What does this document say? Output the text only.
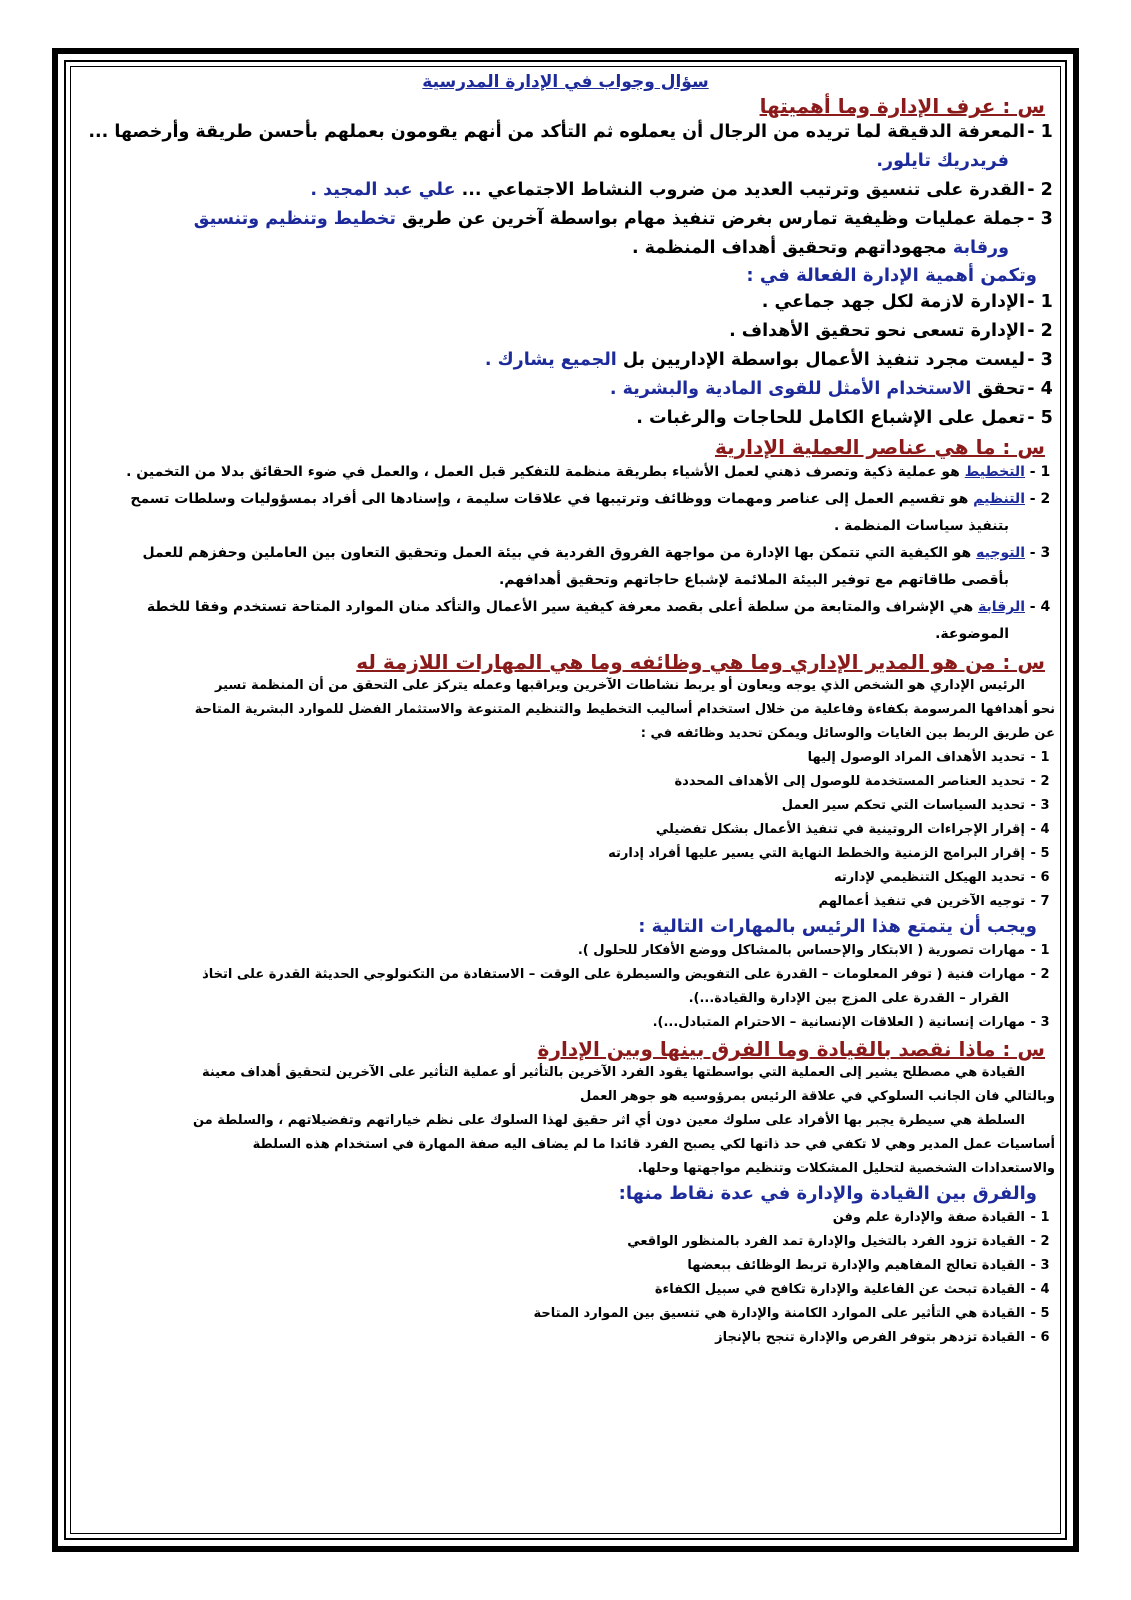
سؤال وجواب في الإدارة المدرسية
س : عرف الإدارة وما أهميتها
1 -
المعرفة الدقيقة لما تريده من الرجال أن يعملوه ثم التأكد من أنهم يقومون بعملهم بأحسن طريقة وأرخصها ...
فريدريك تايلور.
2 -
القدرة على تنسيق وترتيب العديد من ضروب النشاط الاجتماعي ... علي عبد المجيد .
3 -
جملة عمليات وظيفية تمارس بغرض تنفيذ مهام بواسطة آخرين عن طريق تخطيط وتنظيم وتنسيق
ورقابة مجهوداتهم وتحقيق أهداف المنظمة .
وتكمن أهمية الإدارة الفعالة في :
1 -
الإدارة لازمة لكل جهد جماعي .
2 -
الإدارة تسعى نحو تحقيق الأهداف .
3 -
ليست مجرد تنفيذ الأعمال بواسطة الإداريين بل الجميع يشارك .
4 -
تحقق الاستخدام الأمثل للقوى المادية والبشرية .
5 -
تعمل على الإشباع الكامل للحاجات والرغبات .
س : ما هي عناصر العملية الإدارية
1 -
التخطيط هو عملية ذكية وتصرف ذهني لعمل الأشياء بطريقة منظمة للتفكير قبل العمل ، والعمل في ضوء الحقائق بدلا من التخمين .
2 -
التنظيم هو تقسيم العمل إلى عناصر ومهمات ووظائف وترتيبها في علاقات سليمة ، وإسنادها الى أفراد بمسؤوليات وسلطات تسمح
بتنفيذ سياسات المنظمة .
3 -
التوجيه هو الكيفية التي تتمكن بها الإدارة من مواجهة الفروق الفردية في بيئة العمل وتحقيق التعاون بين العاملين وحفزهم للعمل
بأقصى طاقاتهم مع توفير البيئة الملائمة لإشباع حاجاتهم وتحقيق أهدافهم.
4 -
الرقابة هي الإشراف والمتابعة من سلطة أعلى بقصد معرفة كيفية سير الأعمال والتأكد منان الموارد المتاحة تستخدم وفقا للخطة
الموضوعة.
س : من هو المدير الإداري وما هي وظائفه وما هي المهارات اللازمة له
الرئيس الإداري هو الشخص الذي يوجه ويعاون أو يربط نشاطات الآخرين ويراقبها وعمله يتركز على التحقق من أن المنظمة تسير
نحو أهدافها المرسومة بكفاءة وفاعلية من خلال استخدام أساليب التخطيط والتنظيم المتنوعة والاستثمار الفضل للموارد البشرية المتاحة
عن طريق الربط بين الغايات والوسائل ويمكن تحديد وظائفه في :
1 -
تحديد الأهداف المراد الوصول إليها
2 -
تحديد العناصر المستخدمة للوصول إلى الأهداف المحددة
3 -
تحديد السياسات التي تحكم سير العمل
4 -
إقرار الإجراءات الروتينية في تنفيذ الأعمال بشكل تفضيلي
5 -
إقرار البرامج الزمنية والخطط النهاية التي يسير عليها أفراد إدارته
6 -
تحديد الهيكل التنظيمي لإدارته
7 -
توجيه الآخرين في تنفيذ أعمالهم
ويجب أن يتمتع هذا الرئيس بالمهارات التالية :
1 -
مهارات تصورية ( الابتكار والإحساس بالمشاكل ووضع الأفكار للحلول ).
2 -
مهارات فنية ( توفر المعلومات – القدرة على التفويض والسيطرة على الوقت – الاستفادة من التكنولوجي الحديثة القدرة على اتخاذ
القرار – القدرة على المزج بين الإدارة والقيادة...).
3 -
مهارات إنسانية ( العلاقات الإنسانية – الاحترام المتبادل...).
س : ماذا نقصد بالقيادة وما الفرق بينها وبين الإدارة
القيادة هي مصطلح يشير إلى العملية التي بواسطتها يقود الفرد الآخرين بالتأثير أو عملية التأثير على الآخرين لتحقيق أهداف معينة
وبالتالي فان الجانب السلوكي في علاقة الرئيس بمرؤوسيه هو جوهر العمل
السلطة هي سيطرة يجبر بها الأفراد على سلوك معين دون أي اثر حقيق لهذا السلوك على نظم خياراتهم وتفضيلاتهم ، والسلطة من
أساسيات عمل المدير وهي لا تكفي في حد ذاتها لكي يصبح الفرد قائدا ما لم يضاف اليه صفة المهارة في استخدام هذه السلطة
والاستعدادات الشخصية لتحليل المشكلات وتنظيم مواجهتها وحلها.
والفرق بين القيادة والإدارة في عدة نقاط منها:
1 -
القيادة صفة والإدارة علم وفن
2 -
القيادة تزود الفرد بالتخيل والإدارة تمد الفرد بالمنظور الواقعي
3 -
القيادة تعالج المفاهيم والإدارة تربط الوظائف ببعضها
4 -
القيادة تبحث عن الفاعلية والإدارة تكافح في سبيل الكفاءة
5 -
القيادة هي التأثير على الموارد الكامنة والإدارة هي تنسيق بين الموارد المتاحة
6 -
القيادة تزدهر بتوفر الفرص والإدارة تنجح بالإنجاز
